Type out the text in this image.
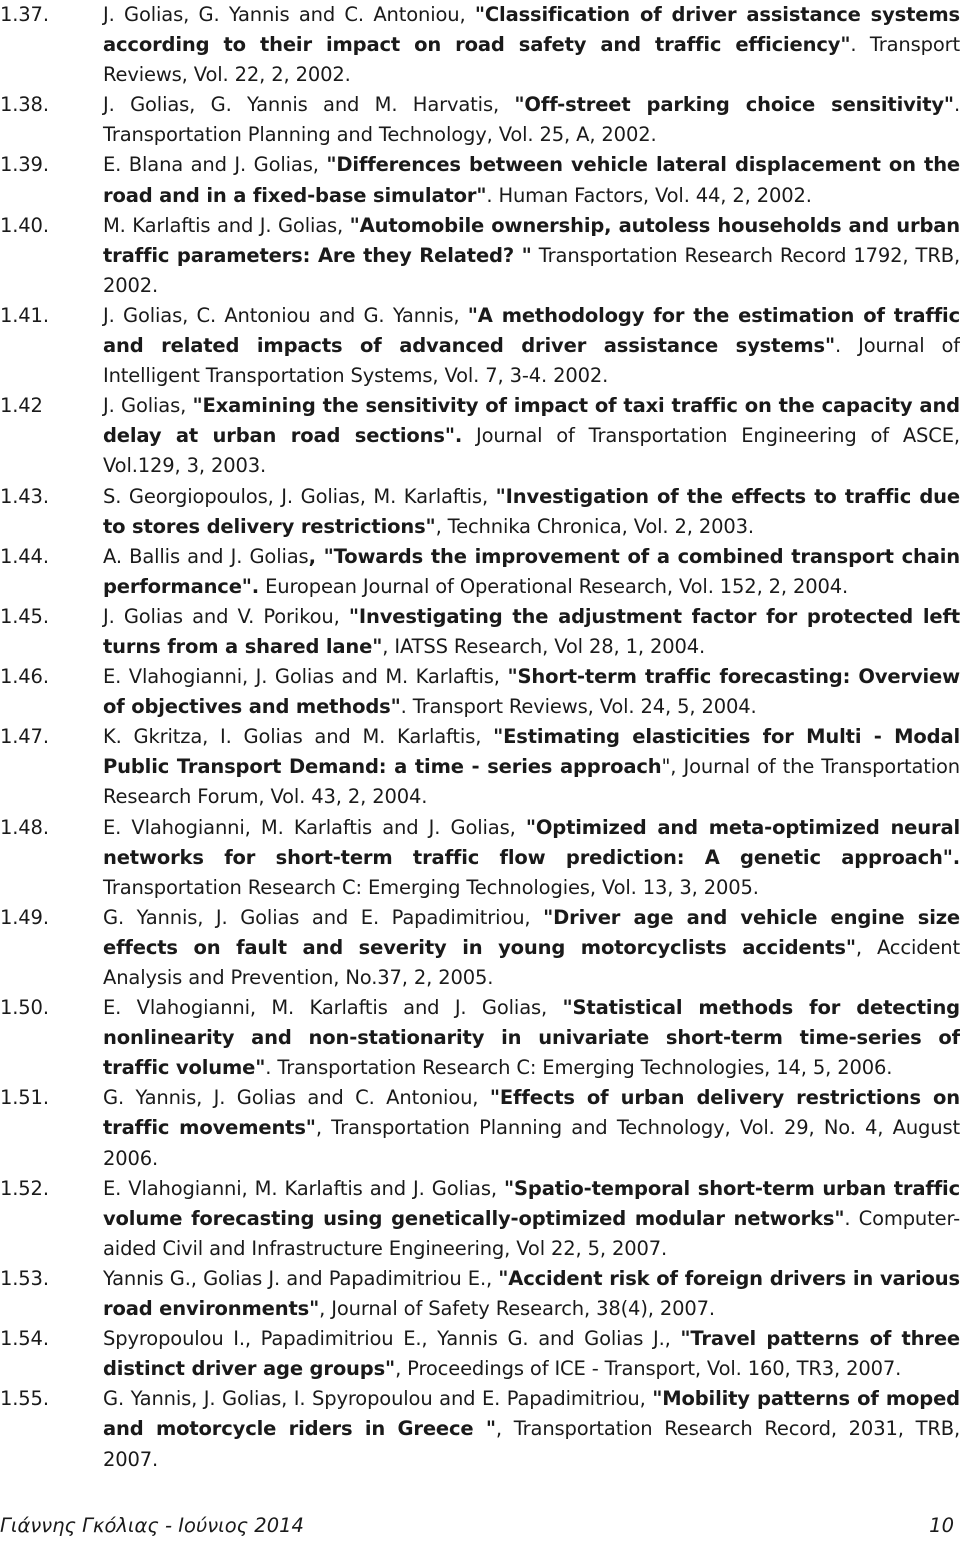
1.37.	J. Golias, G. Yannis and C. Antoniou, "Classification of driver assistance systems according to their impact on road safety and traffic efficiency". Transport Reviews, Vol. 22, 2, 2002.
1.38.	J. Golias, G. Yannis and M. Harvatis, "Off-street parking choice sensitivity". Transportation Planning and Technology, Vol. 25, A, 2002.
1.39.	E. Blana and J. Golias, "Differences between vehicle lateral displacement on the road and in a fixed-base simulator". Human Factors, Vol. 44, 2, 2002.
1.40.	M. Karlaftis and J. Golias, "Automobile ownership, autoless households and urban traffic parameters: Are they Related? " Transportation Research Record 1792, TRB, 2002.
1.41.	J. Golias, C. Antoniou and G. Yannis, "A methodology for the estimation of traffic and related impacts of advanced driver assistance systems". Journal of Intelligent Transportation Systems, Vol. 7, 3-4. 2002.
1.42	J. Golias, "Examining the sensitivity of impact of taxi traffic on the capacity and delay at urban road sections". Journal of Transportation Engineering of ASCE, Vol.129, 3, 2003.
1.43.	S. Georgiopoulos, J. Golias, M. Karlaftis, "Investigation of the effects to traffic due to stores delivery restrictions", Technika Chronica, Vol. 2, 2003.
1.44.	A. Ballis and J. Golias, "Towards the improvement of a combined transport chain performance". European Journal of Operational Research, Vol. 152, 2, 2004.
1.45.	J. Golias and V. Porikou, "Investigating the adjustment factor for protected left turns from a shared lane", IATSS Research, Vol 28, 1, 2004.
1.46.	E. Vlahogianni, J. Golias and M. Karlaftis, "Short-term traffic forecasting: Overview of objectives and methods". Transport Reviews, Vol. 24, 5, 2004.
1.47.	K. Gkritza, I. Golias and M. Karlaftis, "Estimating elasticities for Multi - Modal Public Transport Demand: a time - series approach", Journal of the Transportation Research Forum, Vol. 43, 2, 2004.
1.48.	E. Vlahogianni, M. Karlaftis and J. Golias, "Optimized and meta-optimized neural networks for short-term traffic flow prediction: A genetic approach". Transportation Research C: Emerging Technologies, Vol. 13, 3, 2005.
1.49.	G. Yannis, J. Golias and E. Papadimitriou, "Driver age and vehicle engine size effects on fault and severity in young motorcyclists accidents", Accident Analysis and Prevention, No.37, 2, 2005.
1.50.	E. Vlahogianni, M. Karlaftis and J. Golias, "Statistical methods for detecting nonlinearity and non-stationarity in univariate short-term time-series of traffic volume". Transportation Research C: Emerging Technologies, 14, 5, 2006.
1.51.	G. Yannis, J. Golias and C. Antoniou, "Effects of urban delivery restrictions on traffic movements", Transportation Planning and Technology, Vol. 29, No. 4, August 2006.
1.52.	E. Vlahogianni, M. Karlaftis and J. Golias, "Spatio-temporal short-term urban traffic volume forecasting using genetically-optimized modular networks". Computer-aided Civil and Infrastructure Engineering, Vol 22, 5, 2007.
1.53.	Yannis G., Golias J. and Papadimitriou E., "Accident risk of foreign drivers in various road environments", Journal of Safety Research, 38(4), 2007.
1.54.	Spyropoulou I., Papadimitriou E., Yannis G. and Golias J., "Travel patterns of three distinct driver age groups", Proceedings of ICE - Transport, Vol. 160, TR3, 2007.
1.55.	G. Yannis, J. Golias, I. Spyropoulou and E. Papadimitriou, "Mobility patterns of moped and motorcycle riders in Greece ", Transportation Research Record, 2031, TRB, 2007.
Γιάννης Γκόλιας - Ιούνιος 2014	10
